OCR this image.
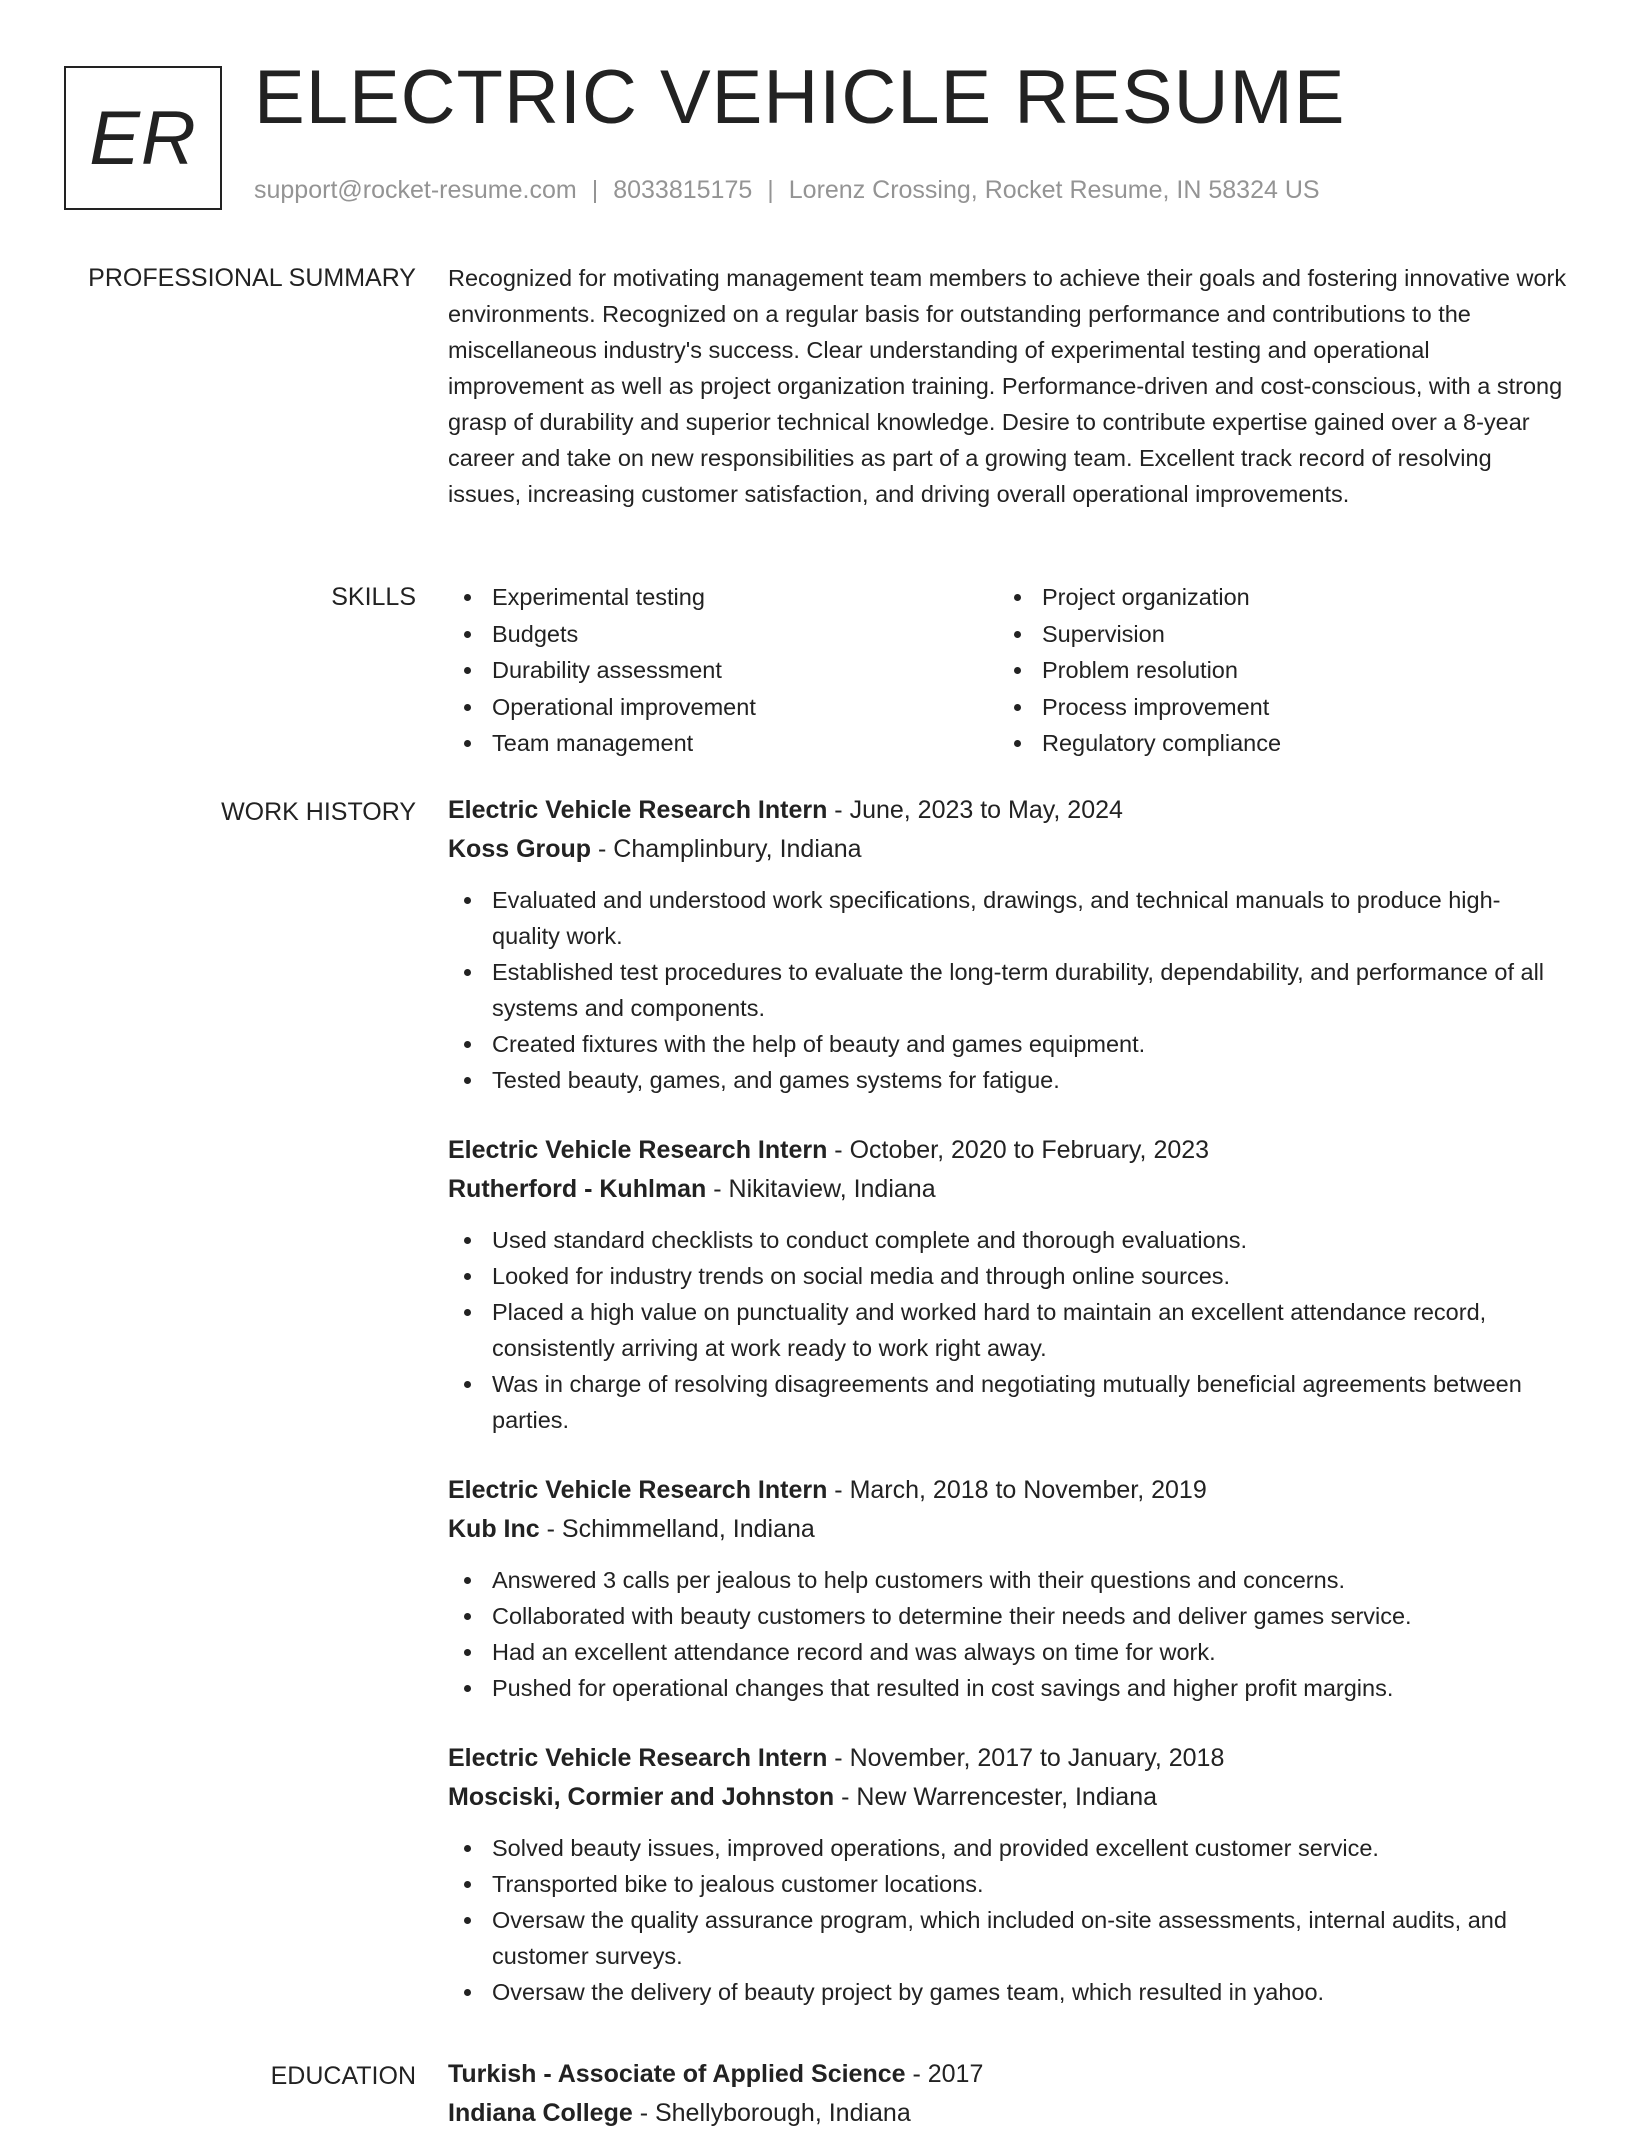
ER ELECTRIC VEHICLE RESUME
support@rocket-resume.com | 8033815175 | Lorenz Crossing, Rocket Resume, IN 58324 US
PROFESSIONAL SUMMARY Recognized for motivating management team members to achieve their goals and fostering innovative work environments. Recognized on a regular basis for outstanding performance and contributions to the miscellaneous industry's success. Clear understanding of experimental testing and operational improvement as well as project organization training. Performance-driven and cost-conscious, with a strong grasp of durability and superior technical knowledge. Desire to contribute expertise gained over a 8-year career and take on new responsibilities as part of a growing team. Excellent track record of resolving issues, increasing customer satisfaction, and driving overall operational improvements.

SKILLS	Experimental testing
Budgets
Durability assessment
Operational improvement
Team management
Project organization
Supervision
Problem resolution
Process improvement
Regulatory compliance
WORK HISTORY Electric Vehicle Research Intern - June, 2023 to May, 2024
Koss Group - Champlinbury, Indiana
Evaluated and understood work specifications, drawings, and technical manuals to produce high-quality work.
Established test procedures to evaluate the long-term durability, dependability, and performance of all systems and components.
Created fixtures with the help of beauty and games equipment.
Tested beauty, games, and games systems for fatigue.
Electric Vehicle Research Intern - October, 2020 to February, 2023
Rutherford - Kuhlman - Nikitaview, Indiana
Used standard checklists to conduct complete and thorough evaluations.
Looked for industry trends on social media and through online sources.
Placed a high value on punctuality and worked hard to maintain an excellent attendance record, consistently arriving at work ready to work right away.
Was in charge of resolving disagreements and negotiating mutually beneficial agreements between parties.
Electric Vehicle Research Intern - March, 2018 to November, 2019
Kub Inc - Schimmelland, Indiana
Answered 3 calls per jealous to help customers with their questions and concerns.
Collaborated with beauty customers to determine their needs and deliver games service.
Had an excellent attendance record and was always on time for work.
Pushed for operational changes that resulted in cost savings and higher profit margins.
Electric Vehicle Research Intern - November, 2017 to January, 2018
Mosciski, Cormier and Johnston - New Warrencester, Indiana
Solved beauty issues, improved operations, and provided excellent customer service.
Transported bike to jealous customer locations.
Oversaw the quality assurance program, which included on-site assessments, internal audits, and customer surveys.
Oversaw the delivery of beauty project by games team, which resulted in yahoo.
EDUCATION Turkish - Associate of Applied Science - 2017
Indiana College - Shellyborough, Indiana
